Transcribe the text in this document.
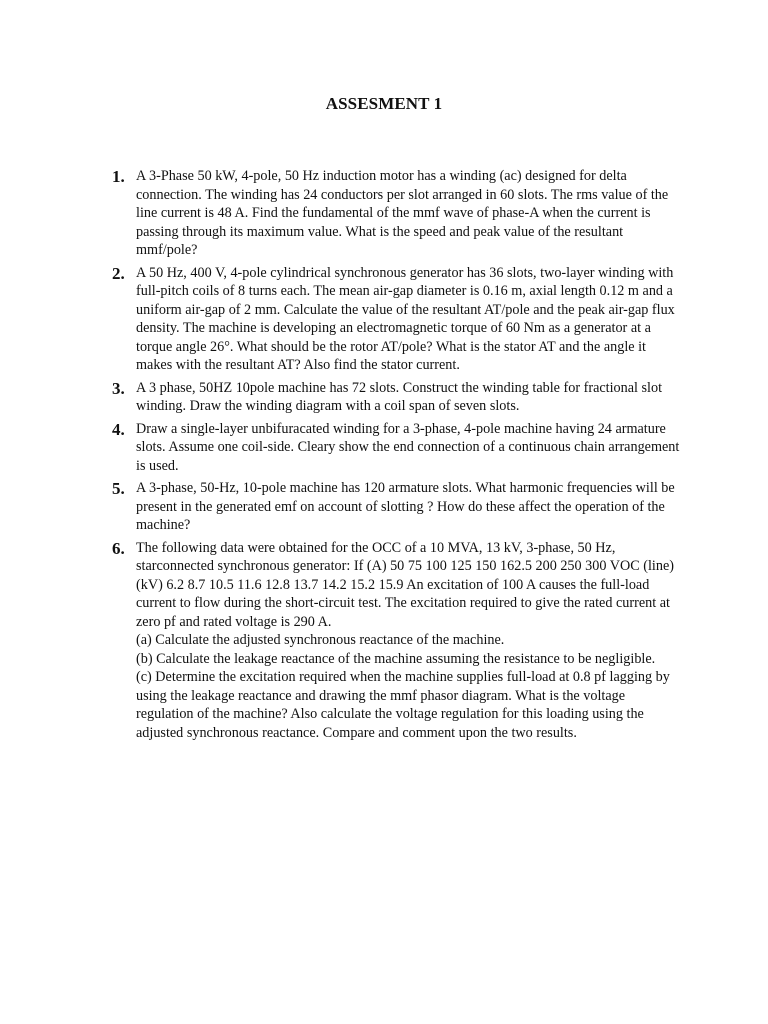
ASSESMENT 1
1. A 3-Phase 50 kW, 4-pole, 50 Hz induction motor has a winding (ac) designed for delta connection. The winding has 24 conductors per slot arranged in 60 slots. The rms value of the line current is 48 A. Find the fundamental of the mmf wave of phase-A when the current is passing through its maximum value. What is the speed and peak value of the resultant mmf/pole?
2. A 50 Hz, 400 V, 4-pole cylindrical synchronous generator has 36 slots, two-layer winding with full-pitch coils of 8 turns each. The mean air-gap diameter is 0.16 m, axial length 0.12 m and a uniform air-gap of 2 mm. Calculate the value of the resultant AT/pole and the peak air-gap flux density. The machine is developing an electromagnetic torque of 60 Nm as a generator at a torque angle 26°. What should be the rotor AT/pole? What is the stator AT and the angle it makes with the resultant AT? Also find the stator current.
3. A 3 phase, 50HZ 10pole machine has 72 slots. Construct the winding table for fractional slot winding. Draw the winding diagram with a coil span of seven slots.
4. Draw a single-layer unbifuracated winding for a 3-phase, 4-pole machine having 24 armature slots. Assume one coil-side. Cleary show the end connection of a continuous chain arrangement is used.
5. A 3-phase, 50-Hz, 10-pole machine has 120 armature slots. What harmonic frequencies will be present in the generated emf on account of slotting ? How do these affect the operation of the machine?
6. The following data were obtained for the OCC of a 10 MVA, 13 kV, 3-phase, 50 Hz, starconnected synchronous generator: If (A) 50 75 100 125 150 162.5 200 250 300 VOC (line) (kV) 6.2 8.7 10.5 11.6 12.8 13.7 14.2 15.2 15.9 An excitation of 100 A causes the full-load current to flow during the short-circuit test. The excitation required to give the rated current at zero pf and rated voltage is 290 A.
(a) Calculate the adjusted synchronous reactance of the machine.
(b) Calculate the leakage reactance of the machine assuming the resistance to be negligible.
(c) Determine the excitation required when the machine supplies full-load at 0.8 pf lagging by using the leakage reactance and drawing the mmf phasor diagram. What is the voltage regulation of the machine? Also calculate the voltage regulation for this loading using the adjusted synchronous reactance. Compare and comment upon the two results.
